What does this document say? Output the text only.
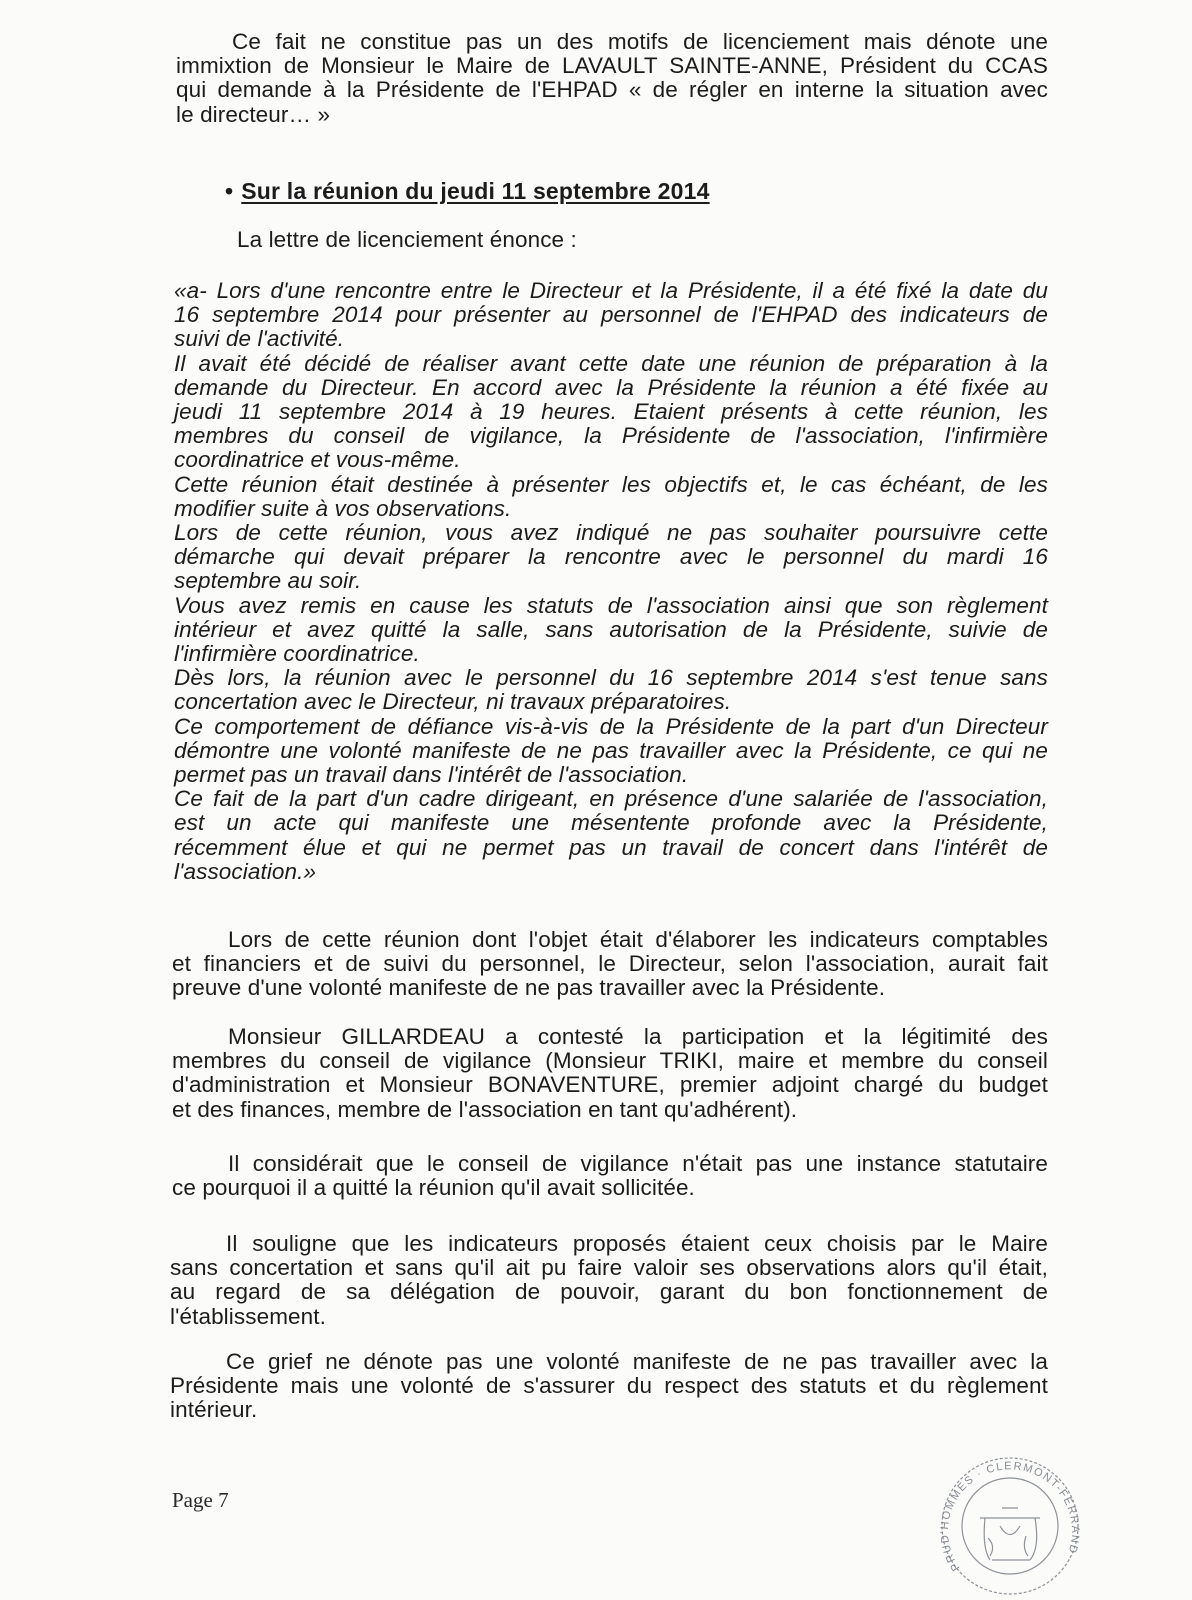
Ce fait ne constitue pas un des motifs de licenciement mais dénote une
immixtion de Monsieur le Maire de LAVAULT SAINTE-ANNE, Président du CCAS
qui demande à la Présidente de l'EHPAD « de régler en interne la situation avec
le directeur… »
• Sur la réunion du jeudi 11 septembre 2014
La lettre de licenciement énonce :
«a- Lors d'une rencontre entre le Directeur et la Présidente, il a été fixé la date du
16 septembre 2014 pour présenter au personnel de l'EHPAD des indicateurs de
suivi de l'activité.
Il avait été décidé de réaliser avant cette date une réunion de préparation à la
demande du Directeur. En accord avec la Présidente la réunion a été fixée au
jeudi 11 septembre 2014 à 19 heures. Etaient présents à cette réunion, les
membres du conseil de vigilance, la Présidente de l'association, l'infirmière
coordinatrice et vous-même.
Cette réunion était destinée à présenter les objectifs et, le cas échéant, de les
modifier suite à vos observations.
Lors de cette réunion, vous avez indiqué ne pas souhaiter poursuivre cette
démarche qui devait préparer la rencontre avec le personnel du mardi 16
septembre au soir.
Vous avez remis en cause les statuts de l'association ainsi que son règlement
intérieur et avez quitté la salle, sans autorisation de la Présidente, suivie de
l'infirmière coordinatrice.
Dès lors, la réunion avec le personnel du 16 septembre 2014 s'est tenue sans
concertation avec le Directeur, ni travaux préparatoires.
Ce comportement de défiance vis-à-vis de la Présidente de la part d'un Directeur
démontre une volonté manifeste de ne pas travailler avec la Présidente, ce qui ne
permet pas un travail dans l'intérêt de l'association.
Ce fait de la part d'un cadre dirigeant, en présence d'une salariée de l'association,
est un acte qui manifeste une mésentente profonde avec la Présidente,
récemment élue et qui ne permet pas un travail de concert dans l'intérêt de
l'association.»
Lors de cette réunion dont l'objet était d'élaborer les indicateurs comptables
et financiers et de suivi du personnel, le Directeur, selon l'association, aurait fait
preuve d'une volonté manifeste de ne pas travailler avec la Présidente.
Monsieur GILLARDEAU a contesté la participation et la légitimité des
membres du conseil de vigilance (Monsieur TRIKI, maire et membre du conseil
d'administration et Monsieur BONAVENTURE, premier adjoint chargé du budget
et des finances, membre de l'association en tant qu'adhérent).
Il considérait que le conseil de vigilance n'était pas une instance statutaire
ce pourquoi il a quitté la réunion qu'il avait sollicitée.
Il souligne que les indicateurs proposés étaient ceux choisis par le Maire
sans concertation et sans qu'il ait pu faire valoir ses observations alors qu'il était,
au regard de sa délégation de pouvoir, garant du bon fonctionnement de
l'établissement.
Ce grief ne dénote pas une volonté manifeste de ne pas travailler avec la
Présidente mais une volonté de s'assurer du respect des statuts et du règlement
intérieur.
Page 7
PRUD'HOMMES · CLERMONT-FERRAND
